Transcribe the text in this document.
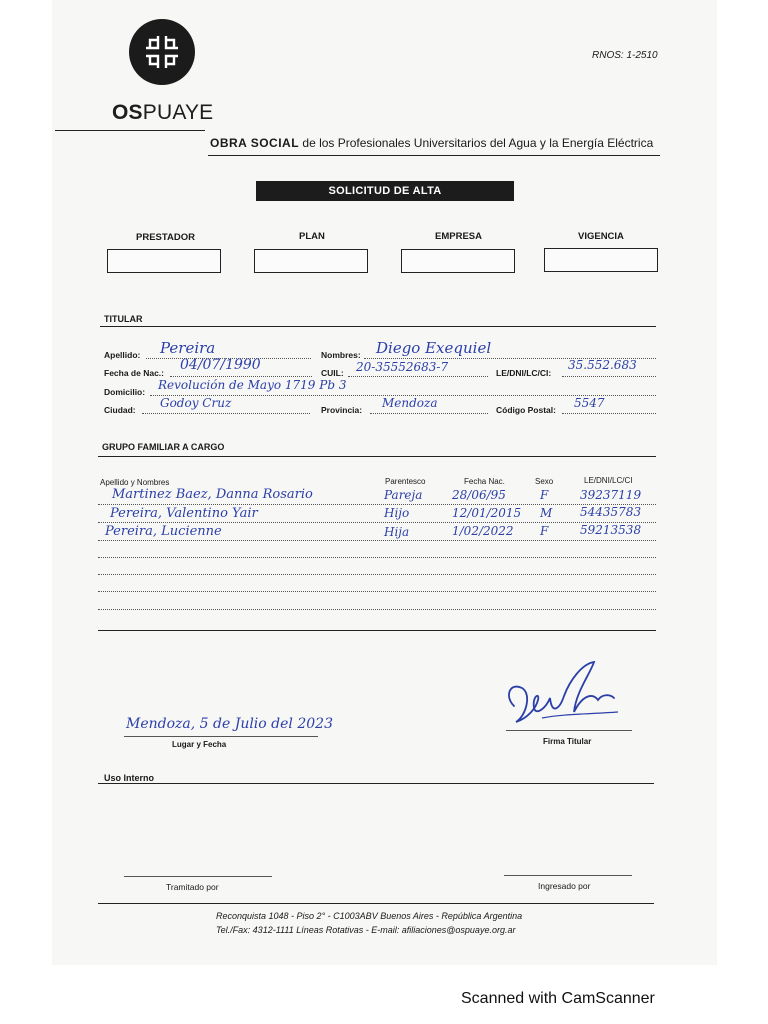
OSPUAYE
RNOS: 1-2510
OBRA SOCIAL de los Profesionales Universitarios del Agua y la Energía Eléctrica
SOLICITUD DE ALTA
PRESTADOR	PLAN	EMPRESA	VIGENCIA
TITULAR
Apellido: Pereira	Nombres: Diego Exequiel
Fecha de Nac.: 04/07/1990	CUIL: 20-35552683-7	LE/DNI/LC/CI:
35.552.683
Domicilio: Revolución de Mayo 1719 Pb 3
Ciudad: Godoy Cruz	Provincia: Mendoza	Código Postal: 5547
GRUPO FAMILIAR A CARGO
Apellido y Nombres	Parentesco	Fecha Nac.	Sexo	LE/DNI/LC/CI
Martinez Baez, Danna Rosario	Pareja 28/06/95	F	39237119
Pereira, Valentino Yair	Hijo	12/01/2015 M 54435783
Pereira, Lucienne	Hija	1/02/2022 F	59213538
Mendoza, 5 de Julio del 2023
Lugar y Fecha	Firma Titular
Uso Interno
Tramitado por	Ingresado por
Reconquista 1048 - Piso 2° - C1003ABV Buenos Aires - República Argentina
Tel./Fax: 4312-1111 Líneas Rotativas - E-mail: afiliaciones@ospuaye.org.ar
Scanned with CamScanner
